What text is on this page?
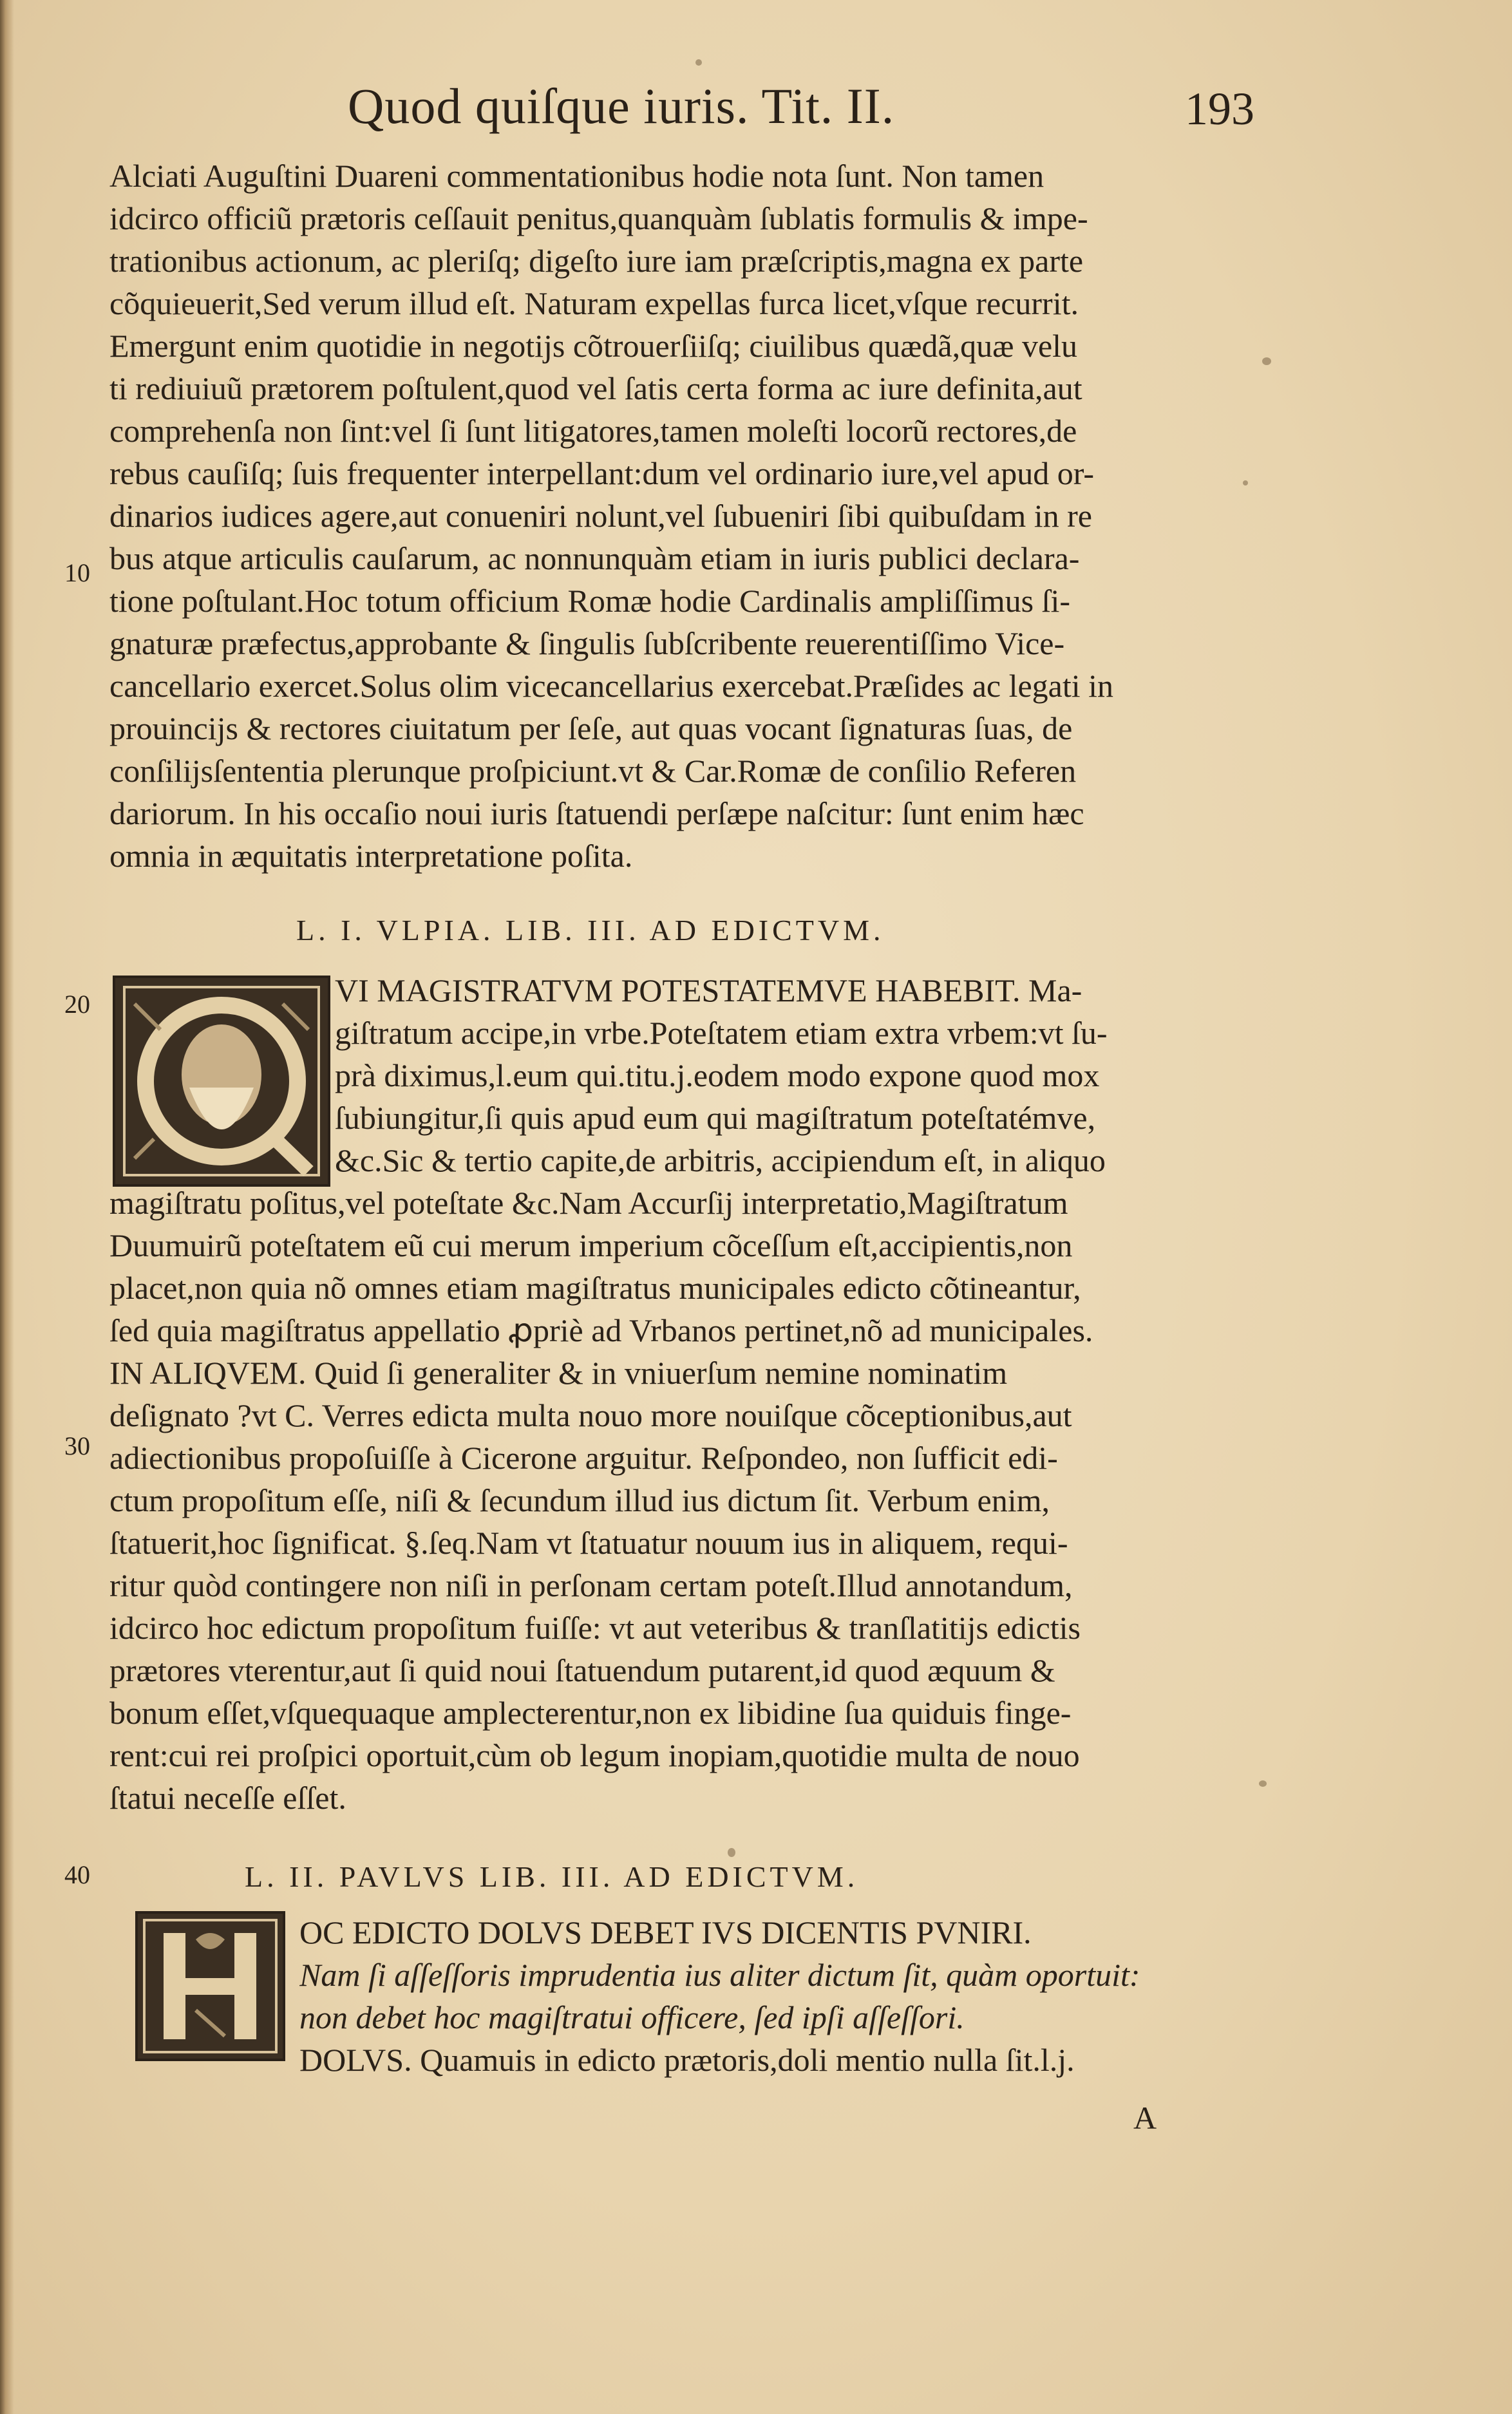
Quod quiſque iuris. Tit. II.	193
Alciati Auguſtini Duareni commentationibus hodie nota ſunt. Non tamen
idcirco officiũ prætoris ceſſauit penitus,quanquàm ſublatis formulis & impe-
trationibus actionum, ac pleriſq; digeſto iure iam præſcriptis,magna ex parte
cõquieuerit,Sed verum illud eſt. Naturam expellas furca licet,vſque recurrit.
Emergunt enim quotidie in negotijs cõtrouerſiiſq; ciuilibus quædã,quæ velu
ti rediuiuũ prætorem poſtulent,quod vel ſatis certa forma ac iure definita,aut
comprehenſa non ſint:vel ſi ſunt litigatores,tamen moleſti locorũ rectores,de
rebus cauſiſq; ſuis frequenter interpellant:dum vel ordinario iure,vel apud or-
dinarios iudices agere,aut conueniri nolunt,vel ſubueniri ſibi quibuſdam in re
bus atque articulis cauſarum, ac nonnunquàm etiam in iuris publici declara-
tione poſtulant.Hoc totum officium Romæ hodie Cardinalis ampliſſimus ſi-
gnaturæ præfectus,approbante & ſingulis ſubſcribente reuerentiſſimo Vice-
cancellario exercet.Solus olim vicecancellarius exercebat.Præſides ac legati in
prouincijs & rectores ciuitatum per ſeſe, aut quas vocant ſignaturas ſuas, de
conſilijsſententia plerunque proſpiciunt.vt & Car.Romæ de conſilio Referen
dariorum. In his occaſio noui iuris ſtatuendi perſæpe naſcitur: ſunt enim hæc
omnia in æquitatis interpretatione poſita.
10
L. I. VLPIA. LIB. III. AD EDICTVM.
20	VI MAGISTRATVM POTESTATEMVE HABEBIT. Ma-
giſtratum accipe,in vrbe.Poteſtatem etiam extra vrbem:vt ſu-
prà diximus,l.eum qui.titu.j.eodem modo expone quod mox
ſubiungitur,ſi quis apud eum qui magiſtratum poteſtatémve,
&c.Sic & tertio capite,de arbitris, accipiendum eſt, in aliquo
magiſtratu poſitus,vel poteſtate &c.Nam Accurſij interpretatio,Magiſtratum
Duumuirũ poteſtatem eũ cui merum imperium cõceſſum eſt,accipientis,non
placet,non quia nõ omnes etiam magiſtratus municipales edicto cõtineantur,
ſed quia magiſtratus appellatio ꝓpriè ad Vrbanos pertinet,nõ ad municipales.
IN ALIQVEM. Quid ſi generaliter & in vniuerſum nemine nominatim
deſignato ?vt C. Verres edicta multa nouo more nouiſque cõceptionibus,aut
adiectionibus propoſuiſſe à Cicerone arguitur. Reſpondeo, non ſufficit edi-
ctum propoſitum eſſe, niſi & ſecundum illud ius dictum ſit. Verbum enim,
ſtatuerit,hoc ſignificat. §.ſeq.Nam vt ſtatuatur nouum ius in aliquem, requi-
ritur quòd contingere non niſi in perſonam certam poteſt.Illud annotandum,
idcirco hoc edictum propoſitum fuiſſe: vt aut veteribus & tranſlatitijs edictis
prætores vterentur,aut ſi quid noui ſtatuendum putarent,id quod æquum &
bonum eſſet,vſquequaque amplecterentur,non ex libidine ſua quiduis finge-
rent:cui rei proſpici oportuit,cùm ob legum inopiam,quotidie multa de nouo
ſtatui neceſſe eſſet.
30
40	L. II. PAVLVS LIB. III. AD EDICTVM.
OC EDICTO DOLVS DEBET IVS DICENTIS PVNIRI.
Nam ſi aſſeſſoris imprudentia ius aliter dictum ſit, quàm oportuit:
non debet hoc magiſtratui officere, ſed ipſi aſſeſſori.
DOLVS. Quamuis in edicto prætoris,doli mentio nulla ſit.l.j.
A
